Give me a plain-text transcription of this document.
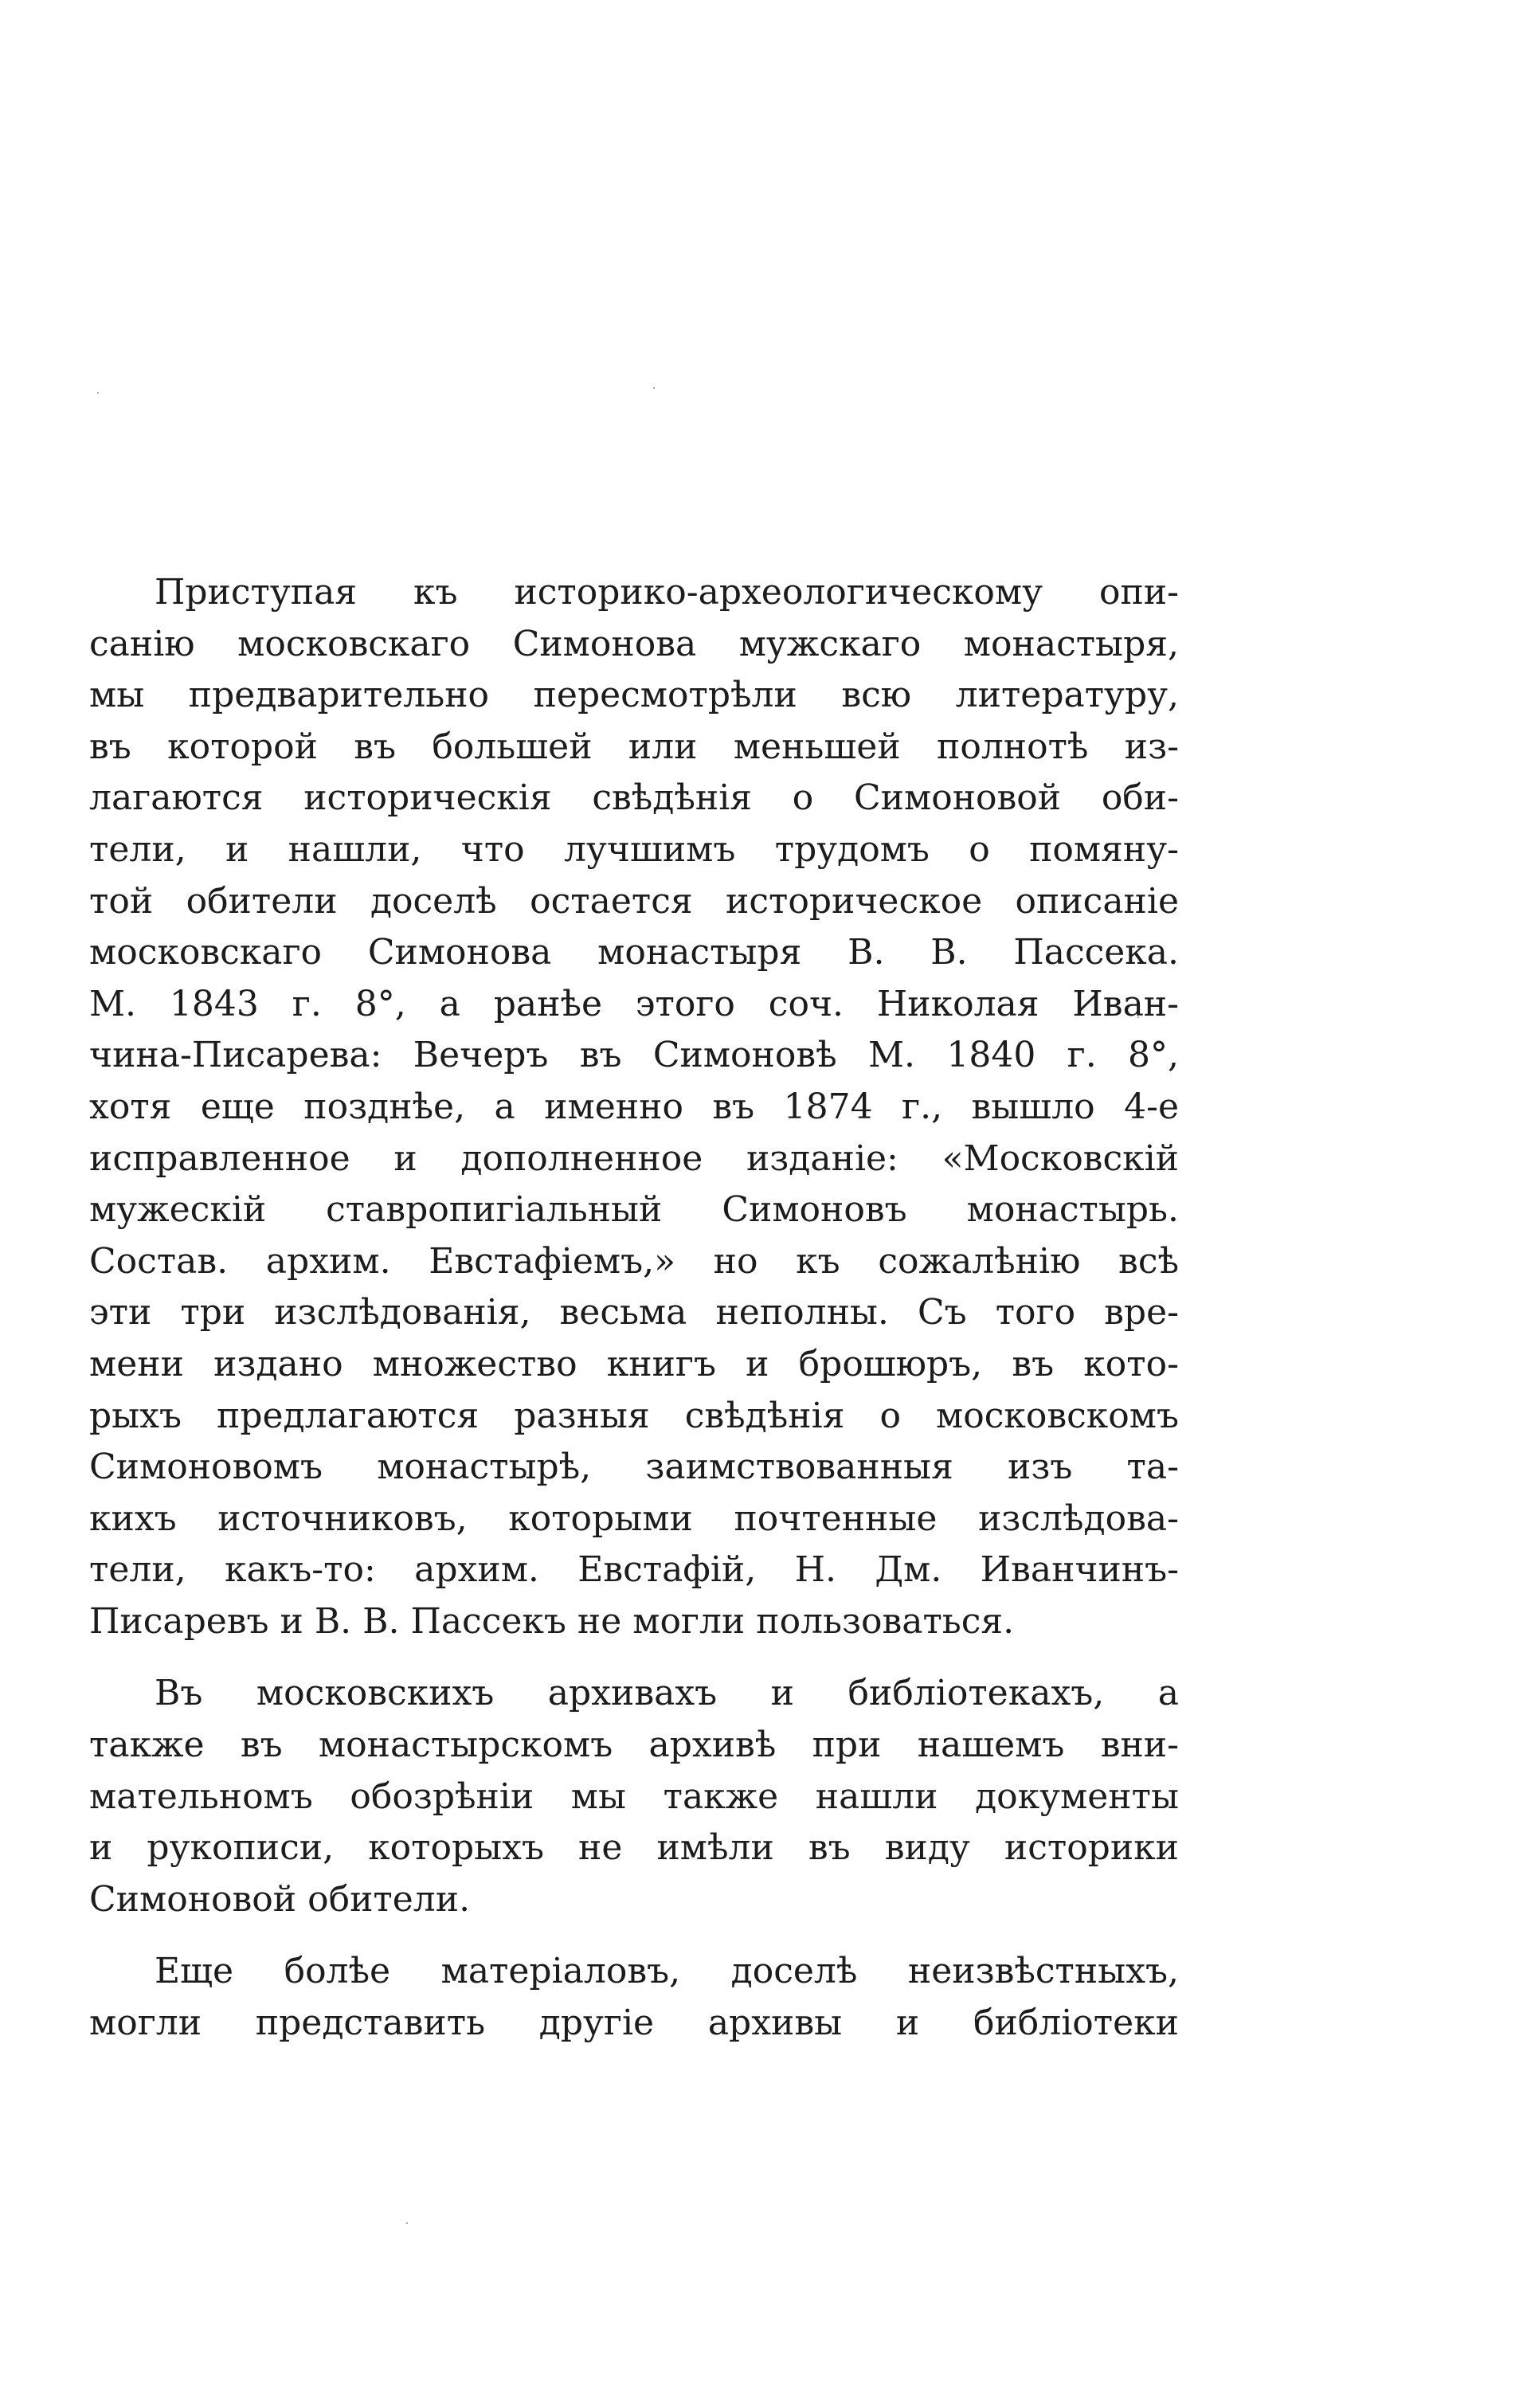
Приступая къ историко-археологическому опи-
санію московскаго Симонова мужскаго монастыря,
мы предварительно пересмотрѣли всю литературу,
въ которой въ большей или меньшей полнотѣ из-
лагаются историческія свѣдѣнія о Симоновой оби-
тели, и нашли, что лучшимъ трудомъ о помяну-
той обители доселѣ остается историческое описаніе
московскаго Симонова монастыря В. В. Пассека.
М. 1843 г. 8°, а ранѣе этого соч. Николая Иван-
чина-Писарева: Вечеръ въ Симоновѣ М. 1840 г. 8°,
хотя еще позднѣе, а именно въ 1874 г., вышло 4-е
исправленное и дополненное изданіе: «Московскій
мужескій ставропигіальный Симоновъ монастырь.
Состав. архим. Евстафіемъ,» но къ сожалѣнію всѣ
эти три изслѣдованія, весьма неполны. Съ того вре-
мени издано множество книгъ и брошюръ, въ кото-
рыхъ предлагаются разныя свѣдѣнія о московскомъ
Симоновомъ монастырѣ, заимствованныя изъ та-
кихъ источниковъ, которыми почтенные изслѣдова-
тели, какъ-то: архим. Евстафій, Н. Дм. Иванчинъ-
Писаревъ и В. В. Пассекъ не могли пользоваться.

Въ московскихъ архивахъ и библіотекахъ, а
также въ монастырскомъ архивѣ при нашемъ вни-
мательномъ обозрѣніи мы также нашли документы
и рукописи, которыхъ не имѣли въ виду историки
Симоновой обители.

Еще болѣе матеріаловъ, доселѣ неизвѣстныхъ,
могли представить другіе архивы и библіотеки
